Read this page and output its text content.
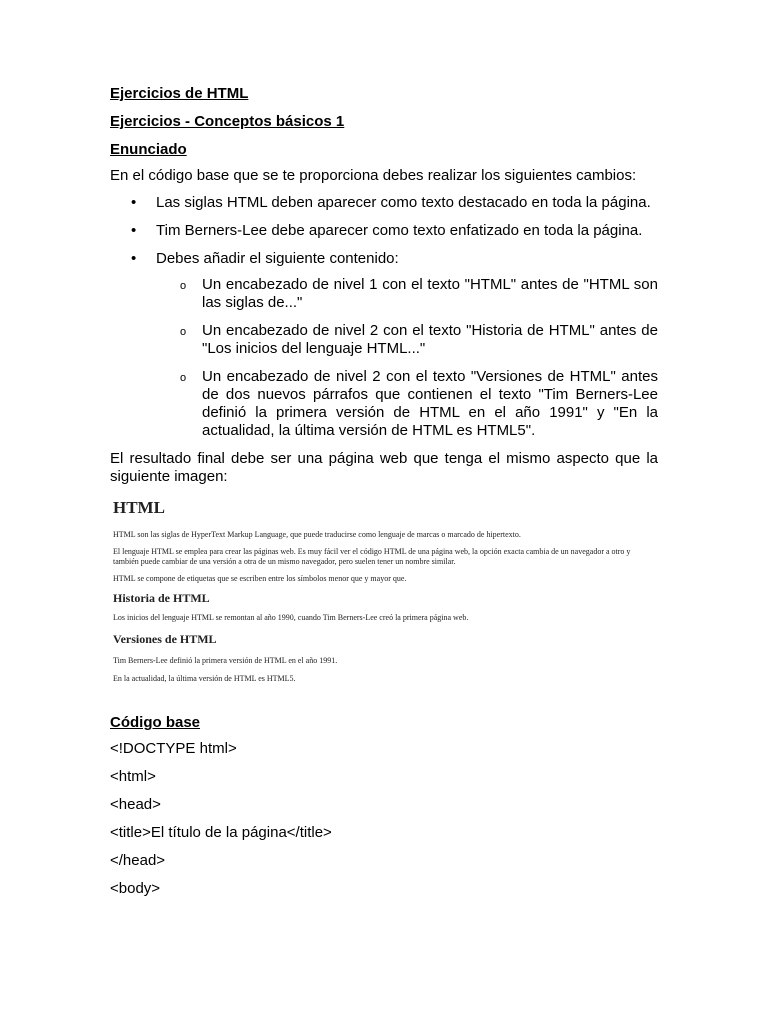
Ejercicios de HTML

Ejercicios - Conceptos básicos 1

Enunciado

En el código base que se te proporciona debes realizar los siguientes cambios:

• Las siglas HTML deben aparecer como texto destacado en toda la página.
• Tim Berners-Lee debe aparecer como texto enfatizado en toda la página.
• Debes añadir el siguiente contenido:
o Un encabezado de nivel 1 con el texto "HTML" antes de "HTML son las siglas de..."
o Un encabezado de nivel 2 con el texto "Historia de HTML" antes de "Los inicios del lenguaje HTML..."
o Un encabezado de nivel 2 con el texto "Versiones de HTML" antes de dos nuevos párrafos que contienen el texto "Tim Berners-Lee definió la primera versión de HTML en el año 1991" y "En la actualidad, la última versión de HTML es HTML5".

El resultado final debe ser una página web que tenga el mismo aspecto que la siguiente imagen:

HTML
HTML son las siglas de HyperText Markup Language, que puede traducirse como lenguaje de marcas o marcado de hipertexto.
El lenguaje HTML se emplea para crear las páginas web. Es muy fácil ver el código HTML de una página web, la opción exacta cambia de un navegador a otro y también puede cambiar de una versión a otra de un mismo navegador, pero suelen tener un nombre similar.
HTML se compone de etiquetas que se escriben entre los símbolos menor que y mayor que.
Historia de HTML
Los inicios del lenguaje HTML se remontan al año 1990, cuando Tim Berners-Lee creó la primera página web.
Versiones de HTML
Tim Berners-Lee definió la primera versión de HTML en el año 1991.
En la actualidad, la última versión de HTML es HTML5.

Código base

<!DOCTYPE html>

<html>

<head>

<title>El título de la página</title>

</head>

<body>
